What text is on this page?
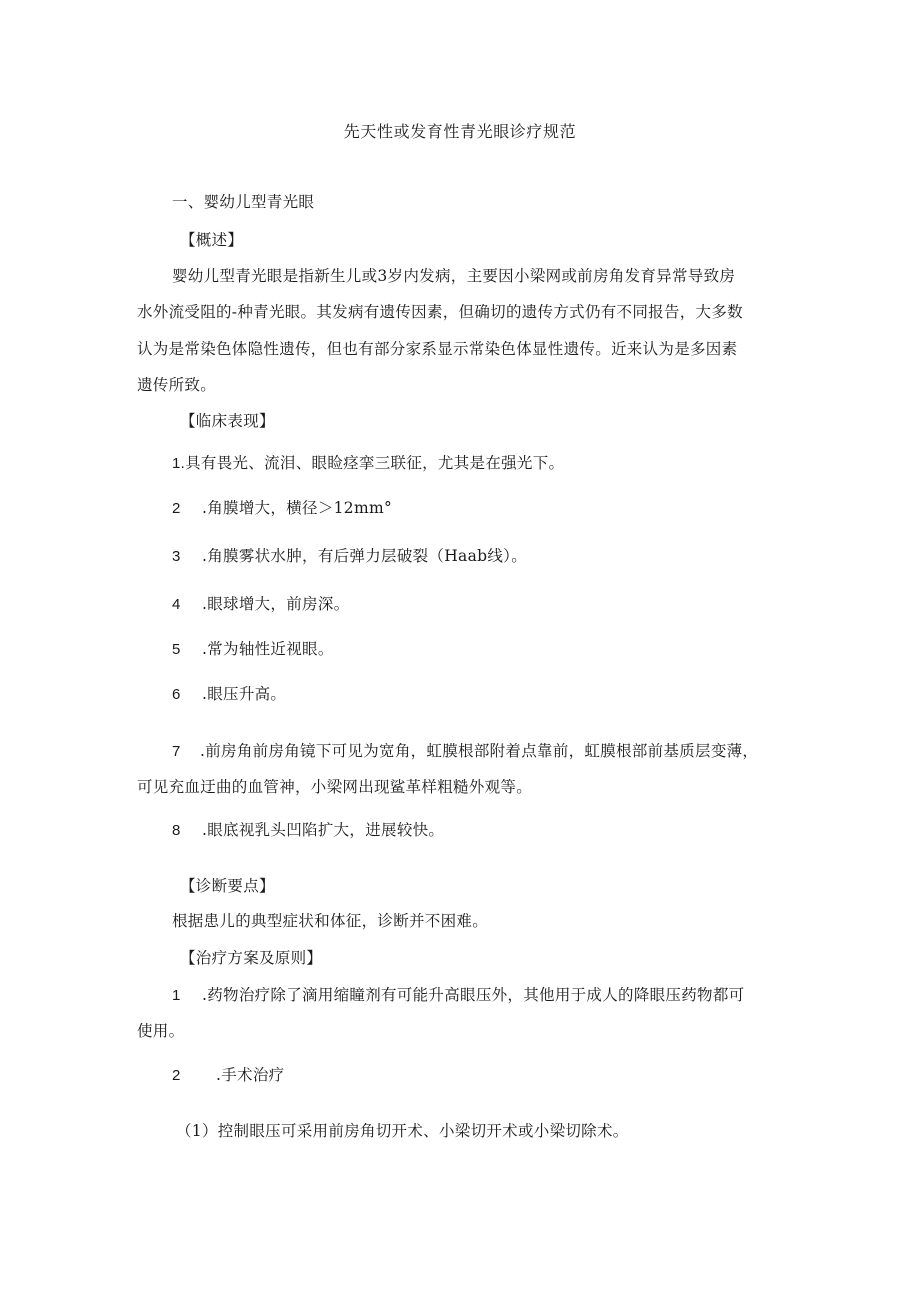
先天性或发育性青光眼诊疗规范
一、婴幼儿型青光眼
【概述】
婴幼儿型青光眼是指新生儿或3岁内发病，主要因小梁网或前房角发育异常导致房
水外流受阻的-种青光眼。其发病有遗传因素，但确切的遗传方式仍有不同报告，大多数
认为是常染色体隐性遗传，但也有部分家系显示常染色体显性遗传。近来认为是多因素
遗传所致。
【临床表现】
1.具有畏光、流泪、眼睑痉挛三联征，尤其是在强光下。
2 .角膜增大，横径＞12mm°
3 .角膜雾状水肿，有后弹力层破裂（Haab线）。
4 .眼球增大，前房深。
5 .常为轴性近视眼。
6 .眼压升高。
7 .前房角前房角镜下可见为宽角，虹膜根部附着点靠前，虹膜根部前基质层变薄，
可见充血迂曲的血管神，小梁网出现鲨革样粗糙外观等。
8 .眼底视乳头凹陷扩大，进展较快。
【诊断要点】
根据患儿的典型症状和体征，诊断并不困难。
【治疗方案及原则】
1 .药物治疗除了滴用缩瞳剂有可能升高眼压外，其他用于成人的降眼压药物都可
使用。
2 .手术治疗
（1）控制眼压可采用前房角切开术、小梁切开术或小梁切除术。
